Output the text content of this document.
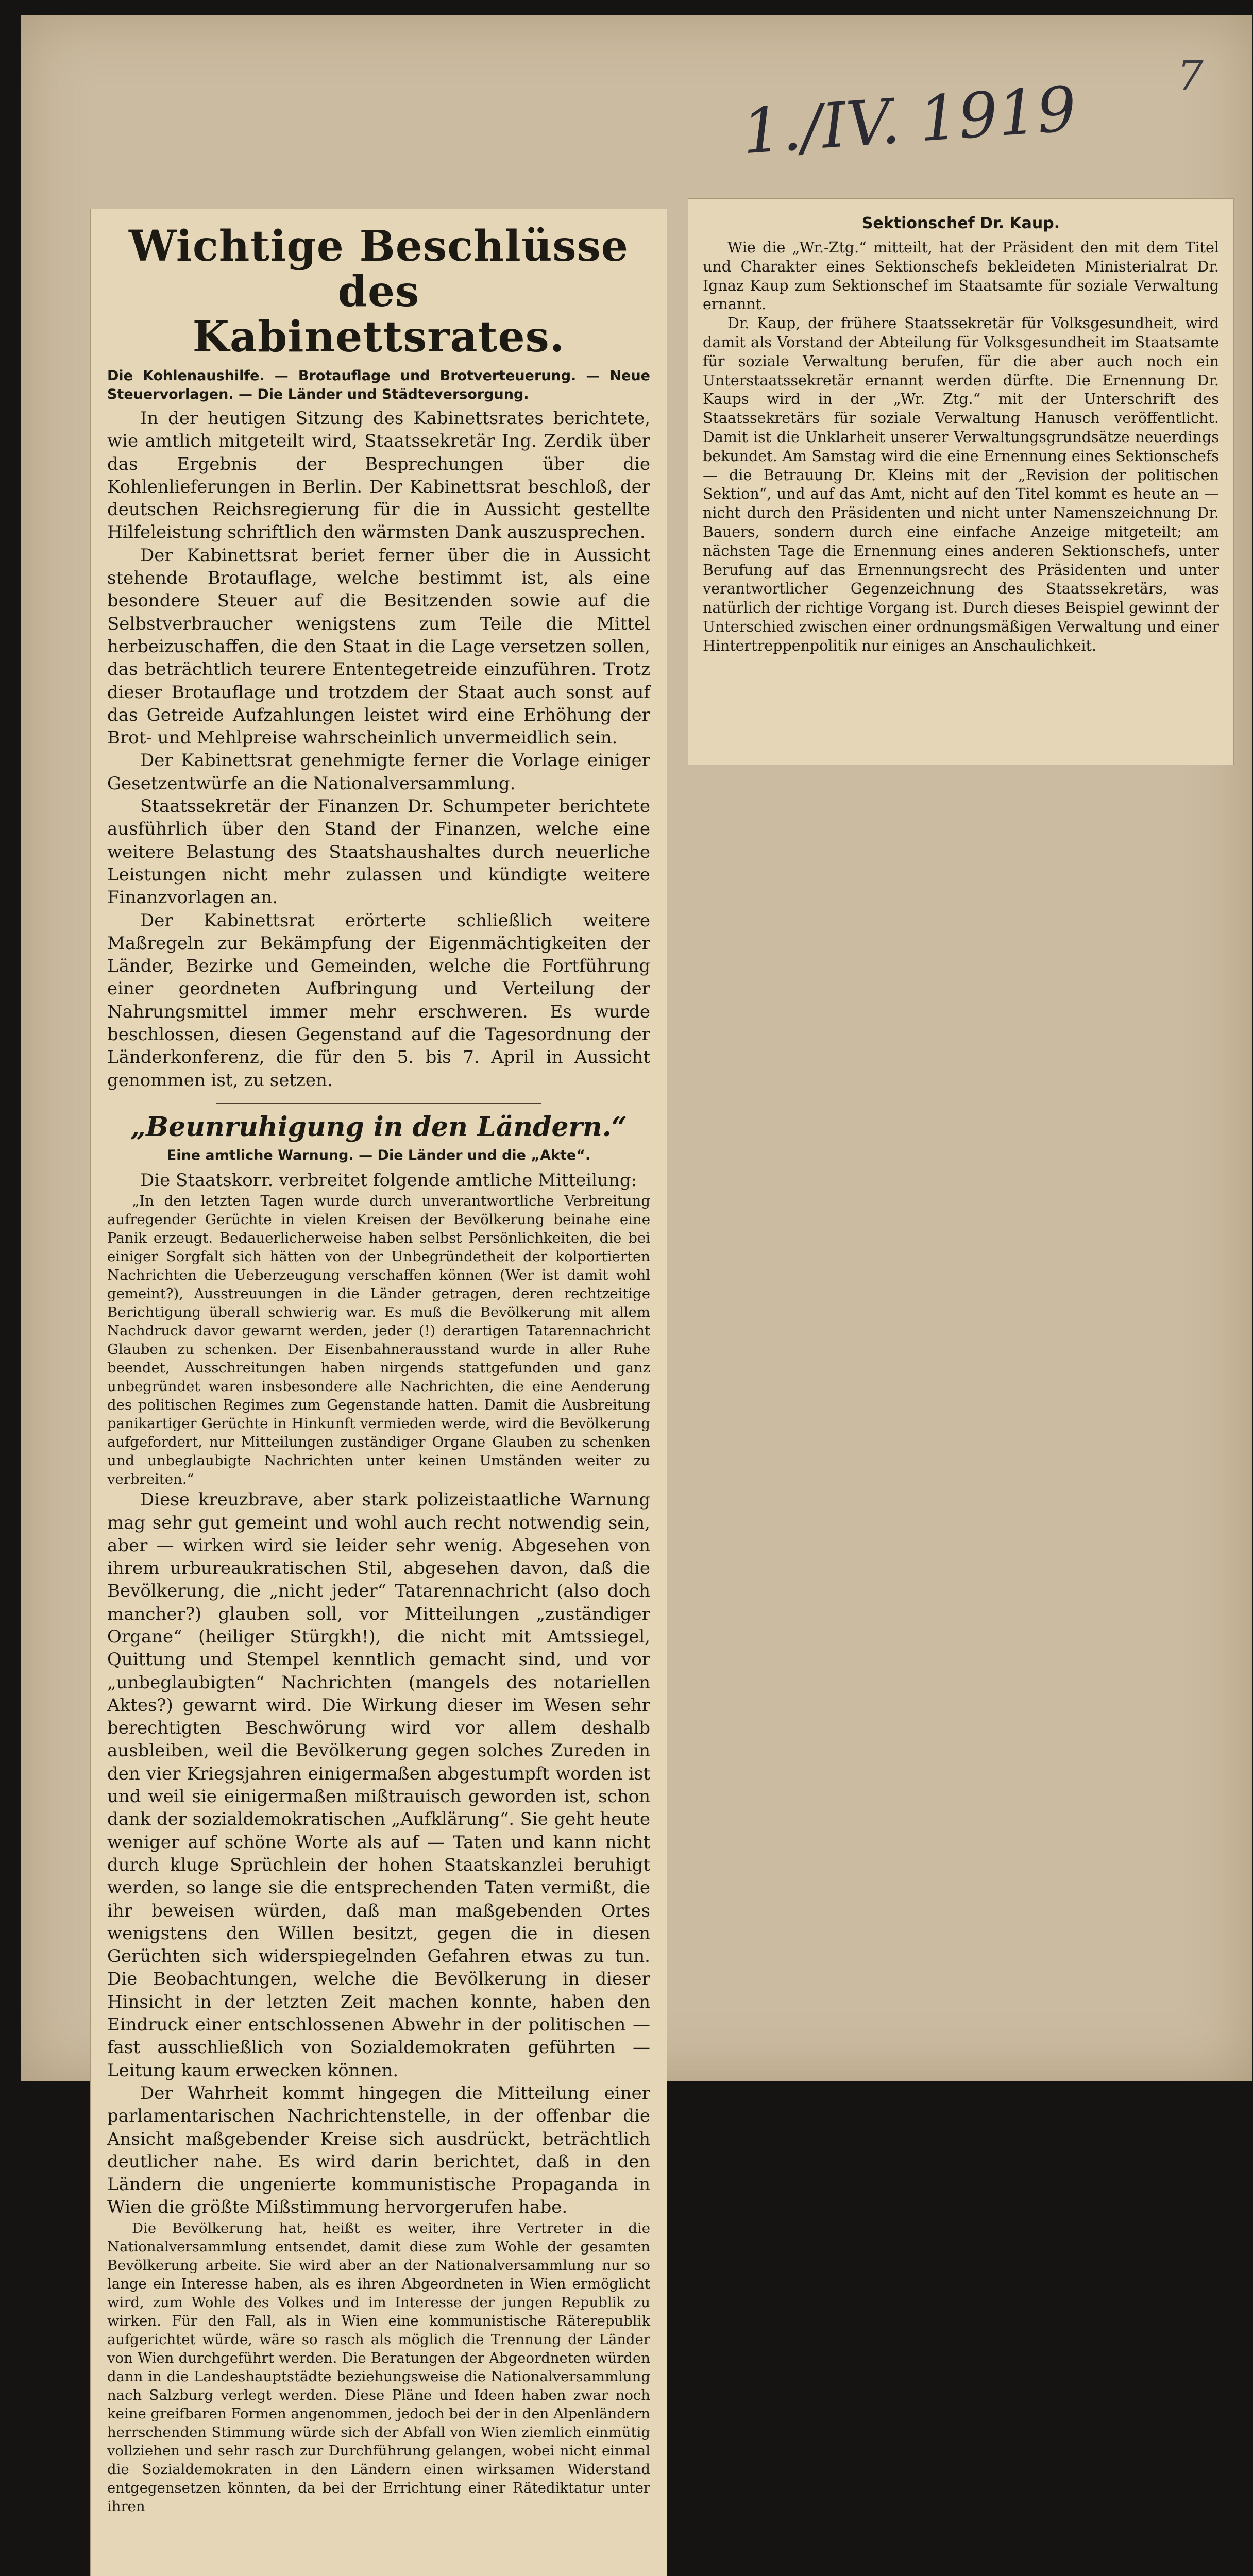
1./IV. 1919 7
Wichtige Beschlüsse des
Kabinettsrates.
Die Kohlenaushilfe. — Brotauflage und Brotverteuerung. — Neue Steuervorlagen. — Die Länder und Städteversorgung.

In der heutigen Sitzung des Kabinettsrates berichtete, wie amtlich mitgeteilt wird, Staatssekretär Ing. Zerdik über das Ergebnis der Besprechungen über die Kohlenlieferungen in Berlin. Der Kabinettsrat beschloß, der deutschen Reichsregierung für die in Aussicht gestellte Hilfeleistung schriftlich den wärmsten Dank auszusprechen.

Der Kabinettsrat beriet ferner über die in Aussicht stehende Brotauflage, welche bestimmt ist, als eine besondere Steuer auf die Besitzenden sowie auf die Selbstverbraucher wenigstens zum Teile die Mittel herbeizuschaffen, die den Staat in die Lage versetzen sollen, das beträchtlich teurere Ententegetreide einzuführen. Trotz dieser Brotauflage und trotzdem der Staat auch sonst auf das Getreide Aufzahlungen leistet wird eine Erhöhung der Brot- und Mehlpreise wahrscheinlich unvermeidlich sein.

Der Kabinettsrat genehmigte ferner die Vorlage einiger Gesetzentwürfe an die Nationalversammlung.

Staatssekretär der Finanzen Dr. Schumpeter berichtete ausführlich über den Stand der Finanzen, welche eine weitere Belastung des Staatshaushaltes durch neuerliche Leistungen nicht mehr zulassen und kündigte weitere Finanzvorlagen an.

Der Kabinettsrat erörterte schließlich weitere Maßregeln zur Bekämpfung der Eigenmächtigkeiten der Länder, Bezirke und Gemeinden, welche die Fortführung einer geordneten Aufbringung und Verteilung der Nahrungsmittel immer mehr erschweren. Es wurde beschlossen, diesen Gegenstand auf die Tagesordnung der Länderkonferenz, die für den 5. bis 7. April in Aussicht genommen ist, zu setzen.

„Beunruhigung in den Ländern.“
Eine amtliche Warnung. — Die Länder und die „Akte“.

Die Staatskorr. verbreitet folgende amtliche Mitteilung:

„In den letzten Tagen wurde durch unverantwortliche Verbreitung aufregender Gerüchte in vielen Kreisen der Bevölkerung beinahe eine Panik erzeugt. Bedauerlicherweise haben selbst Persönlichkeiten, die bei einiger Sorgfalt sich hätten von der Unbegründetheit der kolportierten Nachrichten die Ueberzeugung verschaffen können (Wer ist damit wohl gemeint?), Ausstreuungen in die Länder getragen, deren rechtzeitige Berichtigung überall schwierig war. Es muß die Bevölkerung mit allem Nachdruck davor gewarnt werden, jeder (!) derartigen Tatarennachricht Glauben zu schenken. Der Eisenbahnerausstand wurde in aller Ruhe beendet, Ausschreitungen haben nirgends stattgefunden und ganz unbegründet waren insbesondere alle Nachrichten, die eine Aenderung des politischen Regimes zum Gegenstande hatten. Damit die Ausbreitung panikartiger Gerüchte in Hinkunft vermieden werde, wird die Bevölkerung aufgefordert, nur Mitteilungen zuständiger Organe Glauben zu schenken und unbeglaubigte Nachrichten unter keinen Umständen weiter zu verbreiten.“

Diese kreuzbrave, aber stark polizeistaatliche Warnung mag sehr gut gemeint und wohl auch recht notwendig sein, aber — wirken wird sie leider sehr wenig. Abgesehen von ihrem urbureaukratischen Stil, abgesehen davon, daß die Bevölkerung, die „nicht jeder“ Tatarennachricht (also doch mancher?) glauben soll, vor Mitteilungen „zuständiger Organe“ (heiliger Stürgkh!), die nicht mit Amtssiegel, Quittung und Stempel kenntlich gemacht sind, und vor „unbeglaubigten“ Nachrichten (mangels des notariellen Aktes?) gewarnt wird. Die Wirkung dieser im Wesen sehr berechtigten Beschwörung wird vor allem deshalb ausbleiben, weil die Bevölkerung gegen solches Zureden in den vier Kriegsjahren einigermaßen abgestumpft worden ist und weil sie einigermaßen mißtrauisch geworden ist, schon dank der sozialdemokratischen „Aufklärung“. Sie geht heute weniger auf schöne Worte als auf — Taten und kann nicht durch kluge Sprüchlein der hohen Staatskanzlei beruhigt werden, so lange sie die entsprechenden Taten vermißt, die ihr beweisen würden, daß man maßgebenden Ortes wenigstens den Willen besitzt, gegen die in diesen Gerüchten sich widerspiegelnden Gefahren etwas zu tun. Die Beobachtungen, welche die Bevölkerung in dieser Hinsicht in der letzten Zeit machen konnte, haben den Eindruck einer entschlossenen Abwehr in der politischen — fast ausschließlich von Sozialdemokraten geführten — Leitung kaum erwecken können.

Der Wahrheit kommt hingegen die Mitteilung einer parlamentarischen Nachrichtenstelle, in der offenbar die Ansicht maßgebender Kreise sich ausdrückt, beträchtlich deutlicher nahe. Es wird darin berichtet, daß in den Ländern die ungenierte kommunistische Propaganda in Wien die größte Mißstimmung hervorgerufen habe.

Die Bevölkerung hat, heißt es weiter, ihre Vertreter in die Nationalversammlung entsendet, damit diese zum Wohle der gesamten Bevölkerung arbeite. Sie wird aber an der Nationalversammlung nur so lange ein Interesse haben, als es ihren Abgeordneten in Wien ermöglicht wird, zum Wohle des Volkes und im Interesse der jungen Republik zu wirken. Für den Fall, als in Wien eine kommunistische Räterepublik aufgerichtet würde, wäre so rasch als möglich die Trennung der Länder von Wien durchgeführt werden. Die Beratungen der Abgeordneten würden dann in die Landeshauptstädte beziehungsweise die Nationalversammlung nach Salzburg verlegt werden. Diese Pläne und Ideen haben zwar noch keine greifbaren Formen angenommen, jedoch bei der in den Alpenländern herrschenden Stimmung würde sich der Abfall von Wien ziemlich einmütig vollziehen und sehr rasch zur Durchführung gelangen, wobei nicht einmal die Sozialdemokraten in den Ländern einen wirksamen Widerstand entgegensetzen könnten, da bei der Errichtung einer Rätediktatur unter ihren

Sektionschef Dr. Kaup.

Wie die „Wr.-Ztg.“ mitteilt, hat der Präsident den mit dem Titel und Charakter eines Sektionschefs bekleideten Ministerialrat Dr. Ignaz Kaup zum Sektionschef im Staatsamte für soziale Verwaltung ernannt.

Dr. Kaup, der frühere Staatssekretär für Volksgesundheit, wird damit als Vorstand der Abteilung für Volksgesundheit im Staatsamte für soziale Verwaltung berufen, für die aber auch noch ein Unterstaatssekretär ernannt werden dürfte. Die Ernennung Dr. Kaups wird in der „Wr. Ztg.“ mit der Unterschrift des Staatssekretärs für soziale Verwaltung Hanusch veröffentlicht. Damit ist die Unklarheit unserer Verwaltungsgrundsätze neuerdings bekundet. Am Samstag wird die eine Ernennung eines Sektionschefs — die Betrauung Dr. Kleins mit der „Revision der politischen Sektion“, und auf das Amt, nicht auf den Titel kommt es heute an — nicht durch den Präsidenten und nicht unter Namenszeichnung Dr. Bauers, sondern durch eine einfache Anzeige mitgeteilt; am nächsten Tage die Ernennung eines anderen Sektionschefs, unter Berufung auf das Ernennungsrecht des Präsidenten und unter verantwortlicher Gegenzeichnung des Staatssekretärs, was natürlich der richtige Vorgang ist. Durch dieses Beispiel gewinnt der Unterschied zwischen einer ordnungsmäßigen Verwaltung und einer Hintertreppenpolitik nur einiges an Anschaulichkeit.
